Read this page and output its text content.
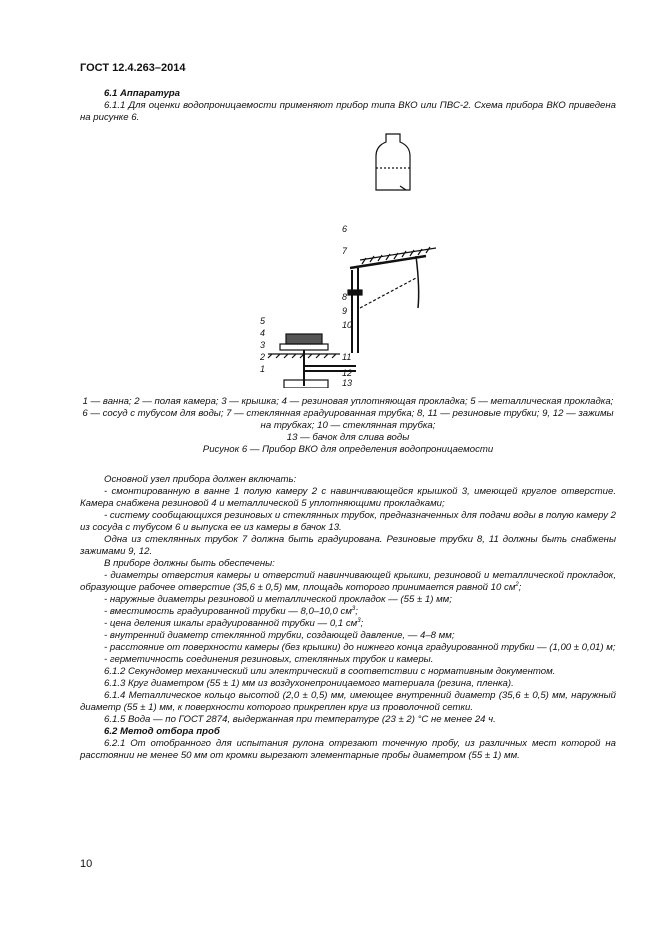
ГОСТ 12.4.263–2014

6.1 Аппаратура

6.1.1 Для оценки водопроницаемости применяют прибор типа ВКО или ПВС-2. Схема прибора ВКО приведена на рисунке 6.

6
7
8
9
10
11
5
4
3
2
1	12
13
1 — ванна; 2 — полая камера; 3 — крышка; 4 — резиновая уплотняющая прокладка; 5 — металлическая прокладка; 6 — сосуд с тубусом для воды; 7 — стеклянная градуированная трубка; 8, 11 — резиновые трубки; 9, 12 — зажимы на трубках; 10 — стеклянная трубка;
13 — бачок для слива воды
Рисунок 6 — Прибор ВКО для определения водопроницаемости

Основной узел прибора должен включать:

- смонтированную в ванне 1 полую камеру 2 с навинчивающейся крышкой 3, имеющей круглое отверстие. Камера снабжена резиновой 4 и металлической 5 уплотняющими прокладками;

- систему сообщающихся резиновых и стеклянных трубок, предназначенных для подачи воды в полую камеру 2 из сосуда с тубусом 6 и выпуска ее из камеры в бачок 13.

Одна из стеклянных трубок 7 должна быть градуирована. Резиновые трубки 8, 11 должны быть снабжены зажимами 9, 12.

В приборе должны быть обеспечены:

- диаметры отверстия камеры и отверстий навинчивающей крышки, резиновой и металлической прокладок, образующие рабочее отверстие (35,6 ± 0,5) мм, площадь которого принимается равной 10 $см^2$;

- наружные диаметры резиновой и металлической прокладок — (55 ± 1) мм;

- вместимость градуированной трубки — 8,0–10,0 $см^3$;

- цена деления шкалы градуированной трубки — 0,1 $см^3$;

- внутренний диаметр стеклянной трубки, создающей давление, — 4–8 мм;

- расстояние от поверхности камеры (без крышки) до нижнего конца градуированной трубки — (1,00 ± 0,01) м;

- герметичность соединения резиновых, стеклянных трубок и камеры.

6.1.2 Секундомер механический или электрический в соответствии с нормативным документом.

6.1.3 Круг диаметром (55 ± 1) мм из воздухонепроницаемого материала (резина, пленка).

6.1.4 Металлическое кольцо высотой (2,0 ± 0,5) мм, имеющее внутренний диаметр (35,6 ± 0,5) мм, наружный диаметр (55 ± 1) мм, к поверхности которого прикреплен круг из проволочной сетки.

6.1.5 Вода — по ГОСТ 2874, выдержанная при температуре (23 ± 2) °С не менее 24 ч.

6.2 Метод отбора проб

6.2.1 От отобранного для испытания рулона отрезают точечную пробу, из различных мест которой на расстоянии не менее 50 мм от кромки вырезают элементарные пробы диаметром (55 ± 1) мм.

10
